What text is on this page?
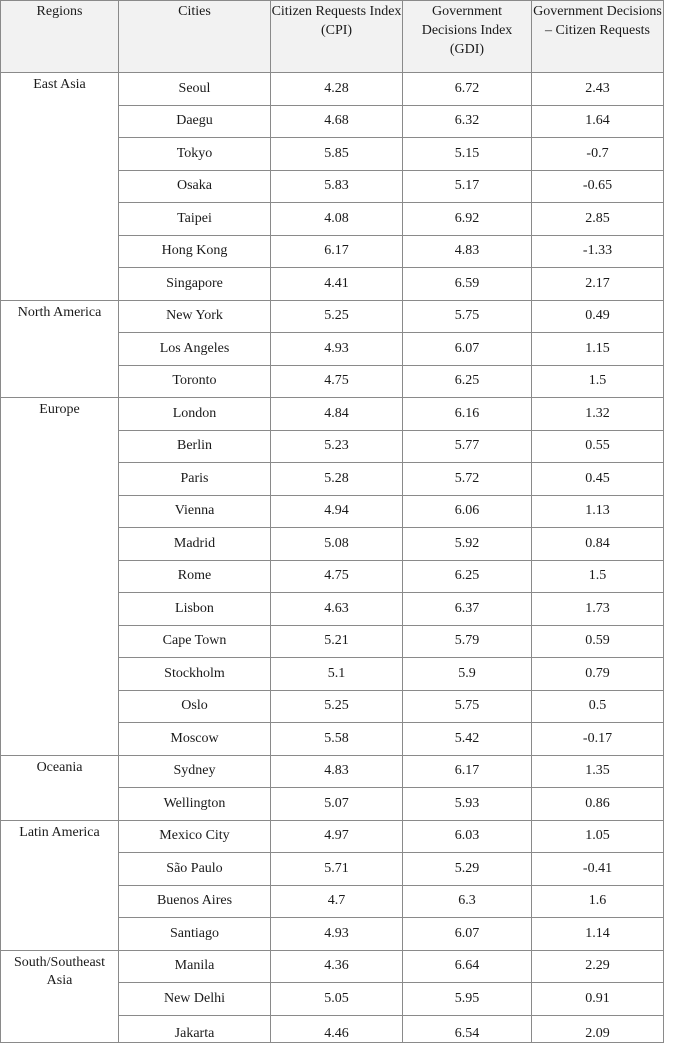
Regions	Cities	Citizen Requests Index (CPI)	Government Decisions Index (GDI)	Government Decisions – Citizen Requests
East Asia	Seoul	4.28	6.72	2.43
	Daegu	4.68	6.32	1.64
	Tokyo	5.85	5.15	-0.7
	Osaka	5.83	5.17	-0.65
	Taipei	4.08	6.92	2.85
	Hong Kong	6.17	4.83	-1.33
	Singapore	4.41	6.59	2.17
North America	New York	5.25	5.75	0.49
	Los Angeles	4.93	6.07	1.15
	Toronto	4.75	6.25	1.5
Europe	London	4.84	6.16	1.32
	Berlin	5.23	5.77	0.55
	Paris	5.28	5.72	0.45
	Vienna	4.94	6.06	1.13
	Madrid	5.08	5.92	0.84
	Rome	4.75	6.25	1.5
	Lisbon	4.63	6.37	1.73
	Cape Town	5.21	5.79	0.59
	Stockholm	5.1	5.9	0.79
	Oslo	5.25	5.75	0.5
	Moscow	5.58	5.42	-0.17
Oceania	Sydney	4.83	6.17	1.35
	Wellington	5.07	5.93	0.86
Latin America	Mexico City	4.97	6.03	1.05
	São Paulo	5.71	5.29	-0.41
	Buenos Aires	4.7	6.3	1.6
	Santiago	4.93	6.07	1.14
South/Southeast Asia	Manila	4.36	6.64	2.29
	New Delhi	5.05	5.95	0.91
	Jakarta	4.46	6.54	2.09
